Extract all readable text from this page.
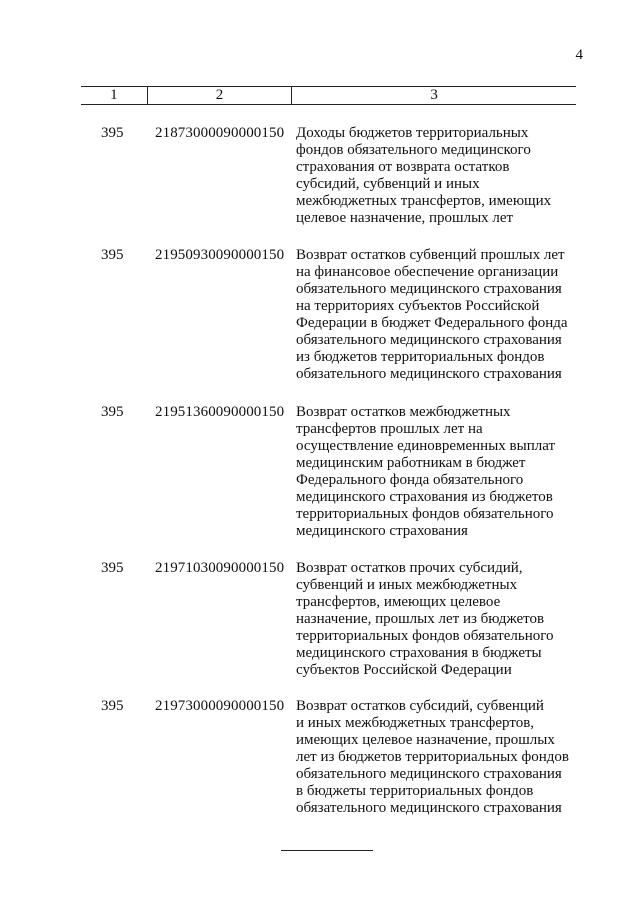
4
1	2	3
395 21873000090000150 Доходы бюджетов территориальных
фондов обязательного медицинского
страхования от возврата остатков
субсидий, субвенций и иных
межбюджетных трансфертов, имеющих
целевое назначение, прошлых лет
395 21950930090000150 Возврат остатков субвенций прошлых лет
на финансовое обеспечение организации
обязательного медицинского страхования
на территориях субъектов Российской
Федерации в бюджет Федерального фонда
обязательного медицинского страхования
из бюджетов территориальных фондов
обязательного медицинского страхования
395 21951360090000150 Возврат остатков межбюджетных
трансфертов прошлых лет на
осуществление единовременных выплат
медицинским работникам в бюджет
Федерального фонда обязательного
медицинского страхования из бюджетов
территориальных фондов обязательного
медицинского страхования
395 21971030090000150 Возврат остатков прочих субсидий,
субвенций и иных межбюджетных
трансфертов, имеющих целевое
назначение, прошлых лет из бюджетов
территориальных фондов обязательного
медицинского страхования в бюджеты
субъектов Российской Федерации
395 21973000090000150 Возврат остатков субсидий, субвенций
и иных межбюджетных трансфертов,
имеющих целевое назначение, прошлых
лет из бюджетов территориальных фондов
обязательного медицинского страхования
в бюджеты территориальных фондов
обязательного медицинского страхования
